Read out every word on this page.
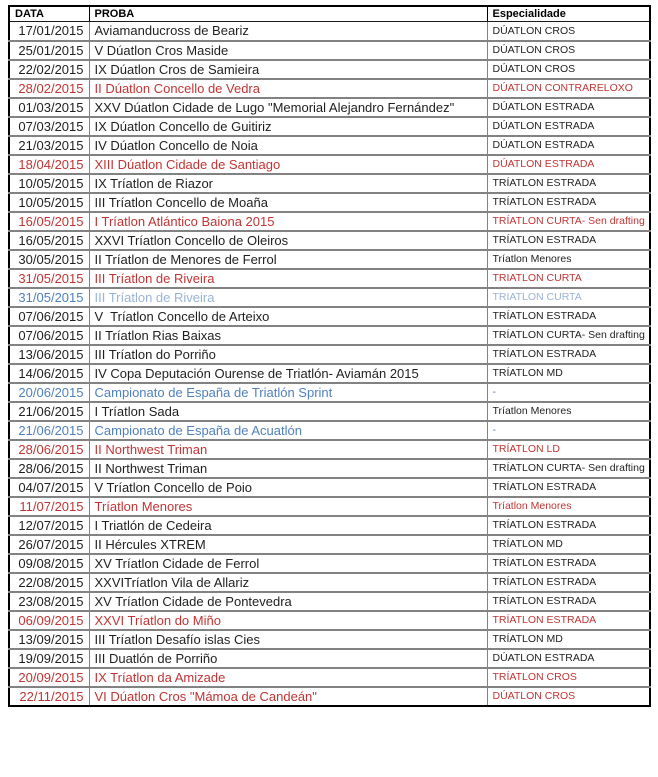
DATA	PROBA	Especialidade
17/01/2015	Aviamanducross de Beariz	DÚATLON CROS
25/01/2015	V Dúatlon Cros Maside	DÚATLON CROS
22/02/2015	IX Dúatlon Cros de Samieira	DÚATLON CROS
28/02/2015	II Dúatlon Concello de Vedra	DÚATLON CONTRARELOXO
01/03/2015	XXV Dúatlon Cidade de Lugo "Memorial Alejandro Fernández"	DÚATLON ESTRADA
07/03/2015	IX Dúatlon Concello de Guitiriz	DÚATLON ESTRADA
21/03/2015	IV Dúatlon Concello de Noia	DÚATLON ESTRADA
18/04/2015	XIII Dúatlon Cidade de Santiago	DÚATLON ESTRADA
10/05/2015	IX Tríatlon de Riazor	TRÍATLON ESTRADA
10/05/2015	III Tríatlon Concello de Moaña	TRÍATLON ESTRADA
16/05/2015	I Tríatlon Atlántico Baiona 2015	TRÍATLON CURTA- Sen drafting
16/05/2015	XXVI Tríatlon Concello de Oleiros	TRÍATLON ESTRADA
30/05/2015	II Tríatlon de Menores de Ferrol	Tríatlon Menores
31/05/2015	III Tríatlon de Riveira	TRIATLON CURTA
31/05/2015	III Tríatlon de Riveira	TRIATLON CURTA
07/06/2015	V  Tríatlon Concello de Arteixo	TRÍATLON ESTRADA
07/06/2015	II Tríatlon Rias Baixas	TRÍATLON CURTA- Sen drafting
13/06/2015	III Tríatlon do Porriño	TRÍATLON ESTRADA
14/06/2015	IV Copa Deputación Ourense de Triatlón- Aviamán 2015	TRÍATLON MD
20/06/2015	Campionato de España de Triatlón Sprint	-
21/06/2015	I Tríatlon Sada	Tríatlon Menores
21/06/2015	Campionato de España de Acuatlón	-
28/06/2015	II Northwest Triman	TRÍATLON LD
28/06/2015	II Northwest Triman	TRÍATLON CURTA- Sen drafting
04/07/2015	V Tríatlon Concello de Poio	TRÍATLON ESTRADA
11/07/2015	Tríatlon Menores	Tríatlon Menores
12/07/2015	I Triatlón de Cedeira	TRÍATLON ESTRADA
26/07/2015	II Hércules XTREM	TRÍATLON MD
09/08/2015	XV Tríatlon Cidade de Ferrol	TRÍATLON ESTRADA
22/08/2015	XXVITríatlon Vila de Allariz	TRÍATLON ESTRADA
23/08/2015	XV Tríatlon Cidade de Pontevedra	TRÍATLON ESTRADA
06/09/2015	XXVI Tríatlon do Miño	TRÍATLON ESTRADA
13/09/2015	III Tríatlon Desafío islas Cies	TRÍATLON MD
19/09/2015	III Duatlón de Porriño	DÚATLON ESTRADA
20/09/2015	IX Tríatlon da Amizade	TRÍATLON CROS
22/11/2015	VI Dúatlon Cros "Mámoa de Candeán"	DÚATLON CROS
